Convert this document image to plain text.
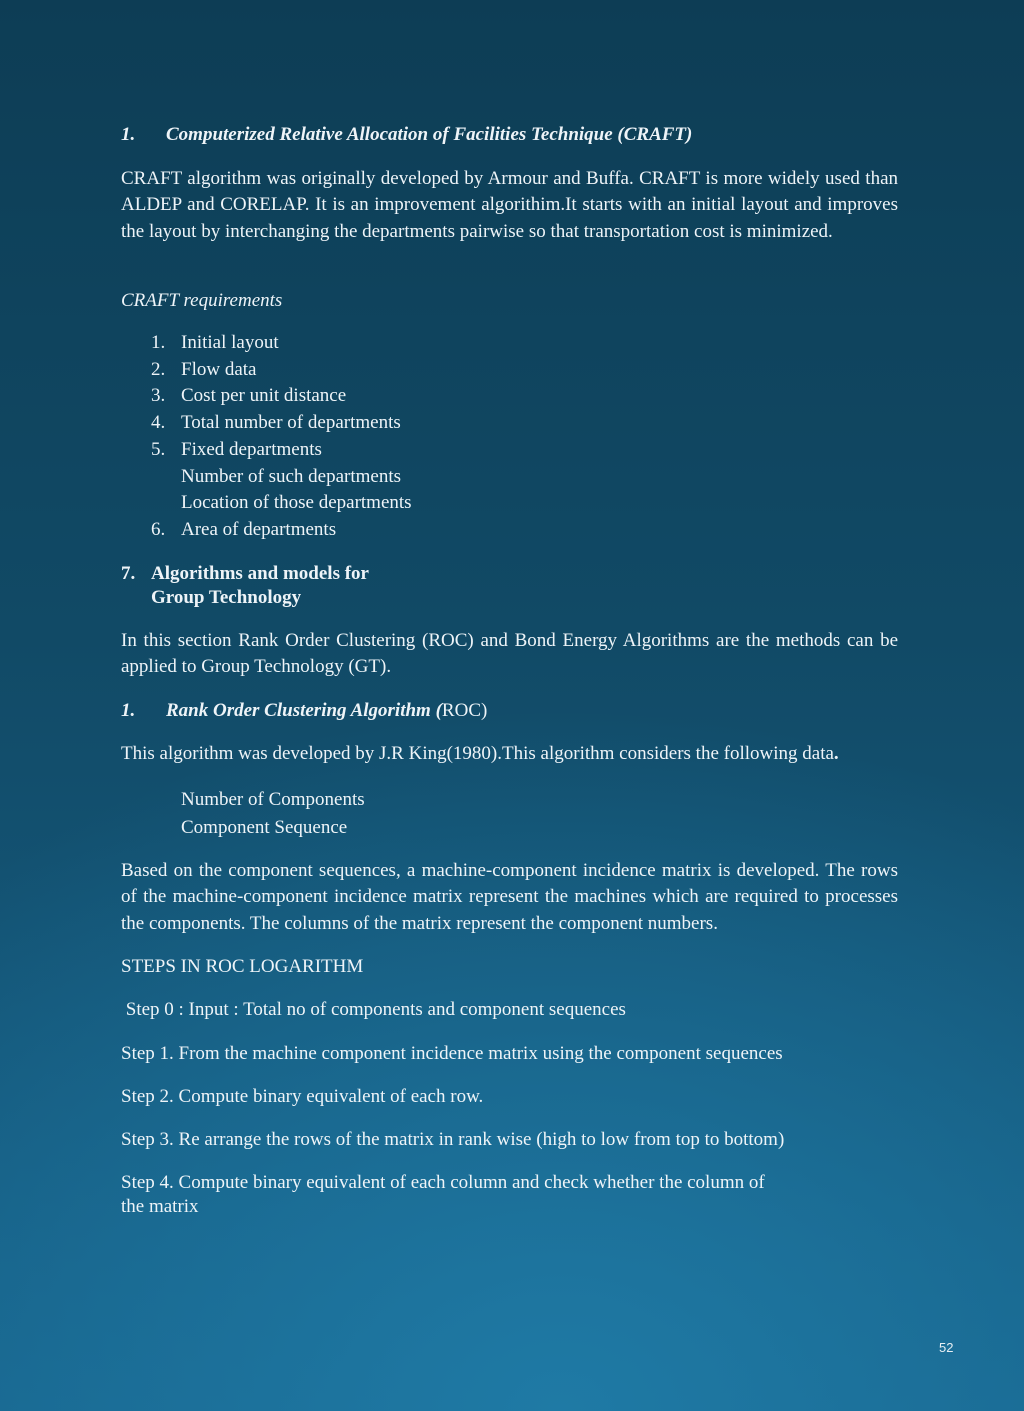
1. Computerized Relative Allocation of Facilities Technique (CRAFT)

CRAFT algorithm was originally developed by Armour and Buffa. CRAFT is more widely used than ALDEP and CORELAP. It is an improvement algorithim.It starts with an initial layout and improves the layout by interchanging the departments pairwise so that transportation cost is minimized.

CRAFT requirements

1. Initial layout
2. Flow data
3. Cost per unit distance
4. Total number of departments
5. Fixed departments
Number of such departments
Location of those departments
6. Area of departments

7. Algorithms and models for

Group Technology

In this section Rank Order Clustering (ROC) and Bond Energy Algorithms are the methods can be applied to Group Technology (GT).

1. Rank Order Clustering Algorithm (ROC)

This algorithm was developed by J.R King(1980).This algorithm considers the following data.

Number of Components
Component Sequence

Based on the component sequences, a machine-component incidence matrix is developed. The rows of the machine-component incidence matrix represent the machines which are required to processes the components. The columns of the matrix represent the component numbers.

STEPS IN ROC LOGARITHM

Step 0 : Input : Total no of components and component sequences

Step 1. From the machine component incidence matrix using the component sequences

Step 2. Compute binary equivalent of each row.

Step 3. Re arrange the rows of the matrix in rank wise (high to low from top to bottom)

Step 4. Compute binary equivalent of each column and check whether the column of

the matrix

52
